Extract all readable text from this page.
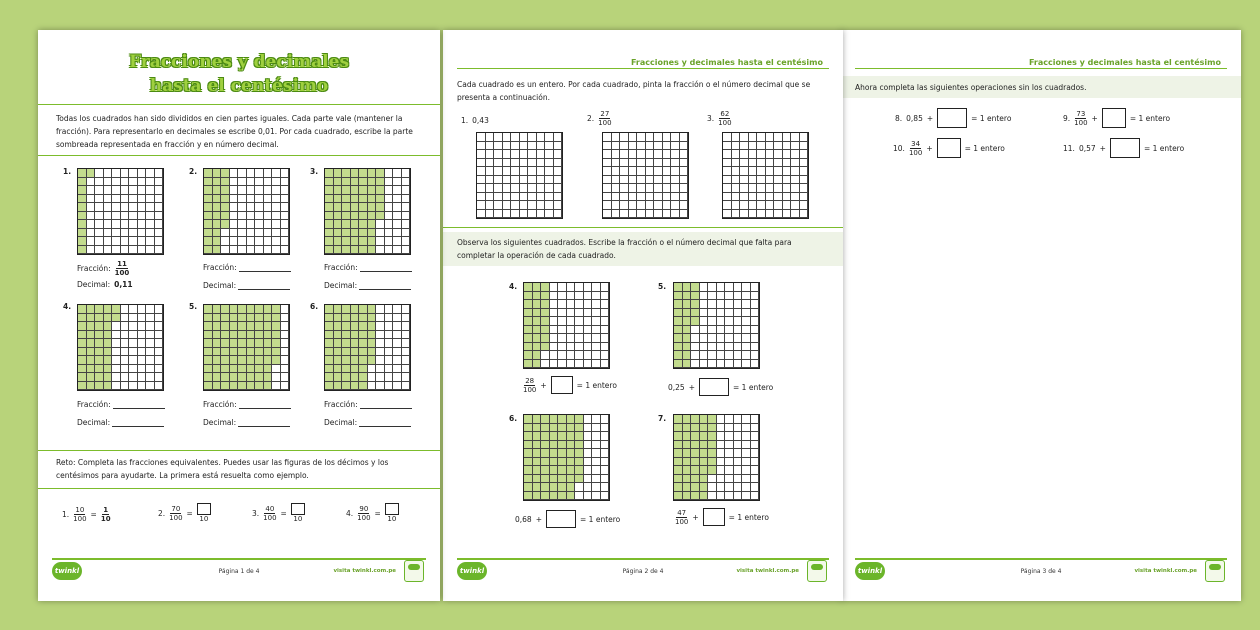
Fracciones y decimales hasta el centésimo
Ahora completa las siguientes operaciones sin los cuadrados.
8. 0,85 +	= 1 entero	9. $\frac{73}{100}$ +	= 1 entero
10. $\frac{34}{100}$ +	= 1 entero	11. 0,57 +	= 1 entero
twinkl	Página 3 de 4	visita twinkl.com.pe
Fracciones y decimales hasta el centésimo
Cada cuadrado es un entero. Por cada cuadrado, pinta la fracción o el número decimal que se presenta a continuación.
1. 0,43	2. $\frac{27}{100}$	3. $\frac{62}{100}$
Observa los siguientes cuadrados. Escribe la fracción o el número decimal que falta para completar la operación de cada cuadrado.
4.
$\frac{28}{100}$ +	= 1 entero
5.
0,25 +	= 1 entero
6.
0,68 +	= 1 entero
7.
$\frac{47}{100}$ +	= 1 entero
twinkl	Página 2 de 4	visita twinkl.com.pe
Fracciones y decimales
hasta el centésimo
Todas los cuadrados han sido divididos en cien partes iguales. Cada parte vale (mantener la fracción). Para representarlo en decimales se escribe 0,01. Por cada cuadrado, escribe la parte sombreada representada en fracción y en número decimal.
1.	2.	3.
Fracción: $\frac{11}{100}$
Decimal: 0,11
Fracción:
Decimal:
Fracción:
Decimal:
4.	5.	6.
Fracción:
Decimal:
Fracción:
Decimal:
Fracción:
Decimal:
Reto: Completa las fracciones equivalentes. Puedes usar las figuras de los décimos y los centésimos para ayudarte. La primera está resuelta como ejemplo.
1. $\frac{10}{100} = \frac{1}{10}$	2. $\frac{70}{100}$ =
10
3. $\frac{40}{100}$ =
10
4. $\frac{90}{100}$ =
10
twinkl	Página 1 de 4	visita twinkl.com.pe
